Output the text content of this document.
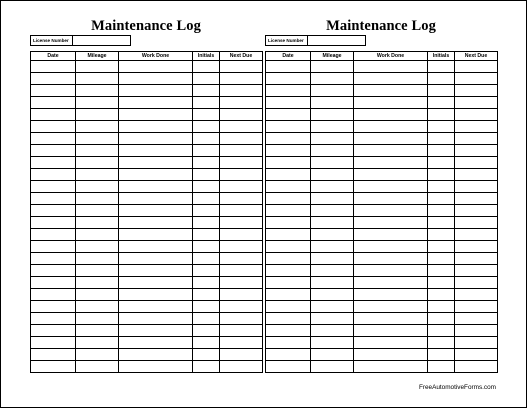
Maintenance Log
License Number
Date	Mileage	Work Done	Initials	Next Due

Maintenance Log
License Number
Date	Mileage	Work Done	Initials	Next Due

FreeAutomotiveForms.com
